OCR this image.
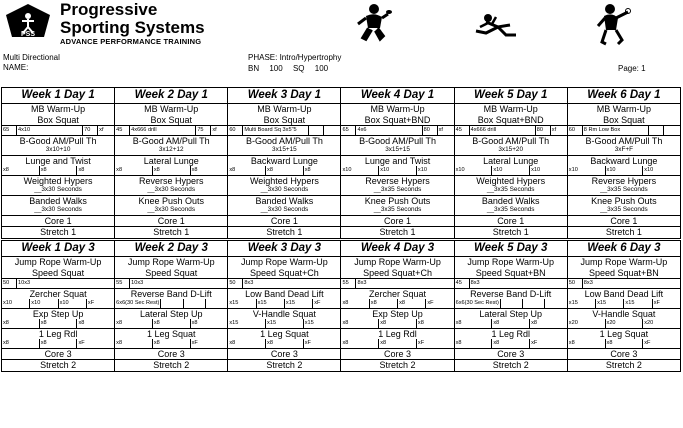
PSS
Progressive
Sporting Systems
ADVANCE PERFORMANCE TRAINING
Multi Directional
NAME:
PHASE: Intro/Hypertrophy
BN 100 SQ 100	Page: 1
Week 1 Day 1
MB Warm-Up
Box Squat
65	4x10	70	xf
B-Good AM/Pull Th
3x10+10
Lunge and Twist
x8	x8	x8
Weighted Hypers
__3x30 Seconds
Banded Walks
__3x30 Seconds
Core 1
Stretch 1

Week 2 Day 1
MB Warm-Up
Box Squat
45	4x666 drill	75	xf
B-Good AM/Pull Th
3x12+12
Lateral Lunge
x8	x8	x8
Reverse Hypers
__3x30 Seconds
Knee Push Outs
__3x30 Seconds
Core 1
Stretch 1

Week 3 Day 1
MB Warm-Up
Box Squat
60	Multi Board Sq 3x5"5
B-Good AM/Pull Th
3x15+15
Backward Lunge
x8	x8	x8
Weighted Hypers
__3x30 Seconds
Banded Walks
__3x30 Seconds
Core 1
Stretch 1

Week 4 Day 1
MB Warm-Up
Box Squat+BND
65	4x6	80	xf
B-Good AM/Pull Th
3x15+15
Lunge and Twist
x10	x10	x10
Reverse Hypers
__3x35 Seconds
Knee Push Outs
__3x35 Seconds
Core 1
Stretch 1

Week 5 Day 1
MB Warm-Up
Box Squat+BND
45	4x666 drill	80	xf
B-Good AM/Pull Th
3x15+20
Lateral Lunge
x10	x10	x10
Weighted Hypers
__3x35 Seconds
Banded Walks
__3x35 Seconds
Core 1
Stretch 1

Week 6 Day 1
MB Warm-Up
Box Squat
60	8 Rm Low Box
B-Good AM/Pull Th
3xF+F
Backward Lunge
x10	x10	x10
Reverse Hypers
__3x35 Seconds
Knee Push Outs
__3x35 Seconds
Core 1
Stretch 1
Week 1 Day 3
Jump Rope Warm-Up
Speed Squat
50	10x3
Zercher Squat
x10	x10	x10	xF
Exp Step Up
x8	x8	x8
1 Leg Rdl
x8	x8	xF
Core 3
Stretch 2

Week 2 Day 3
Jump Rope Warm-Up
Speed Squat
55	10x3
Reverse Band D-Lift
6x6(30 Sec Rest)
Lateral Step Up
x8	x8	x8
1 Leg Squat
x8	x8	xF
Core 3
Stretch 2

Week 3 Day 3
Jump Rope Warm-Up
Speed Squat+Ch
50	8x3
Low Band Dead Lift
x15	x15	x15	xF
V-Handle Squat
x15	x15	x15
1 Leg Squat
x8	x8	xF
Core 3
Stretch 2

Week 4 Day 3
Jump Rope Warm-Up
Speed Squat+Ch
55	8x3
Zercher Squat
x8	x8	x8	xF
Exp Step Up
x8	x8	x8
1 Leg Rdl
x8	x8	xF
Core 3
Stretch 2

Week 5 Day 3
Jump Rope Warm-Up
Speed Squat+BN
45	8x3
Reverse Band D-Lift
6x6(30 Sec Rest)
Lateral Step Up
x8	x8	x8
1 Leg Rdl
x8	x8	xF
Core 3
Stretch 2

Week 6 Day 3
Jump Rope Warm-Up
Speed Squat+BN
50	8x3
Low Band Dead Lift
x15	x15	x15	xF
V-Handle Squat
x20	x20	x20
1 Leg Squat
x8	x8	xF
Core 3
Stretch 2
